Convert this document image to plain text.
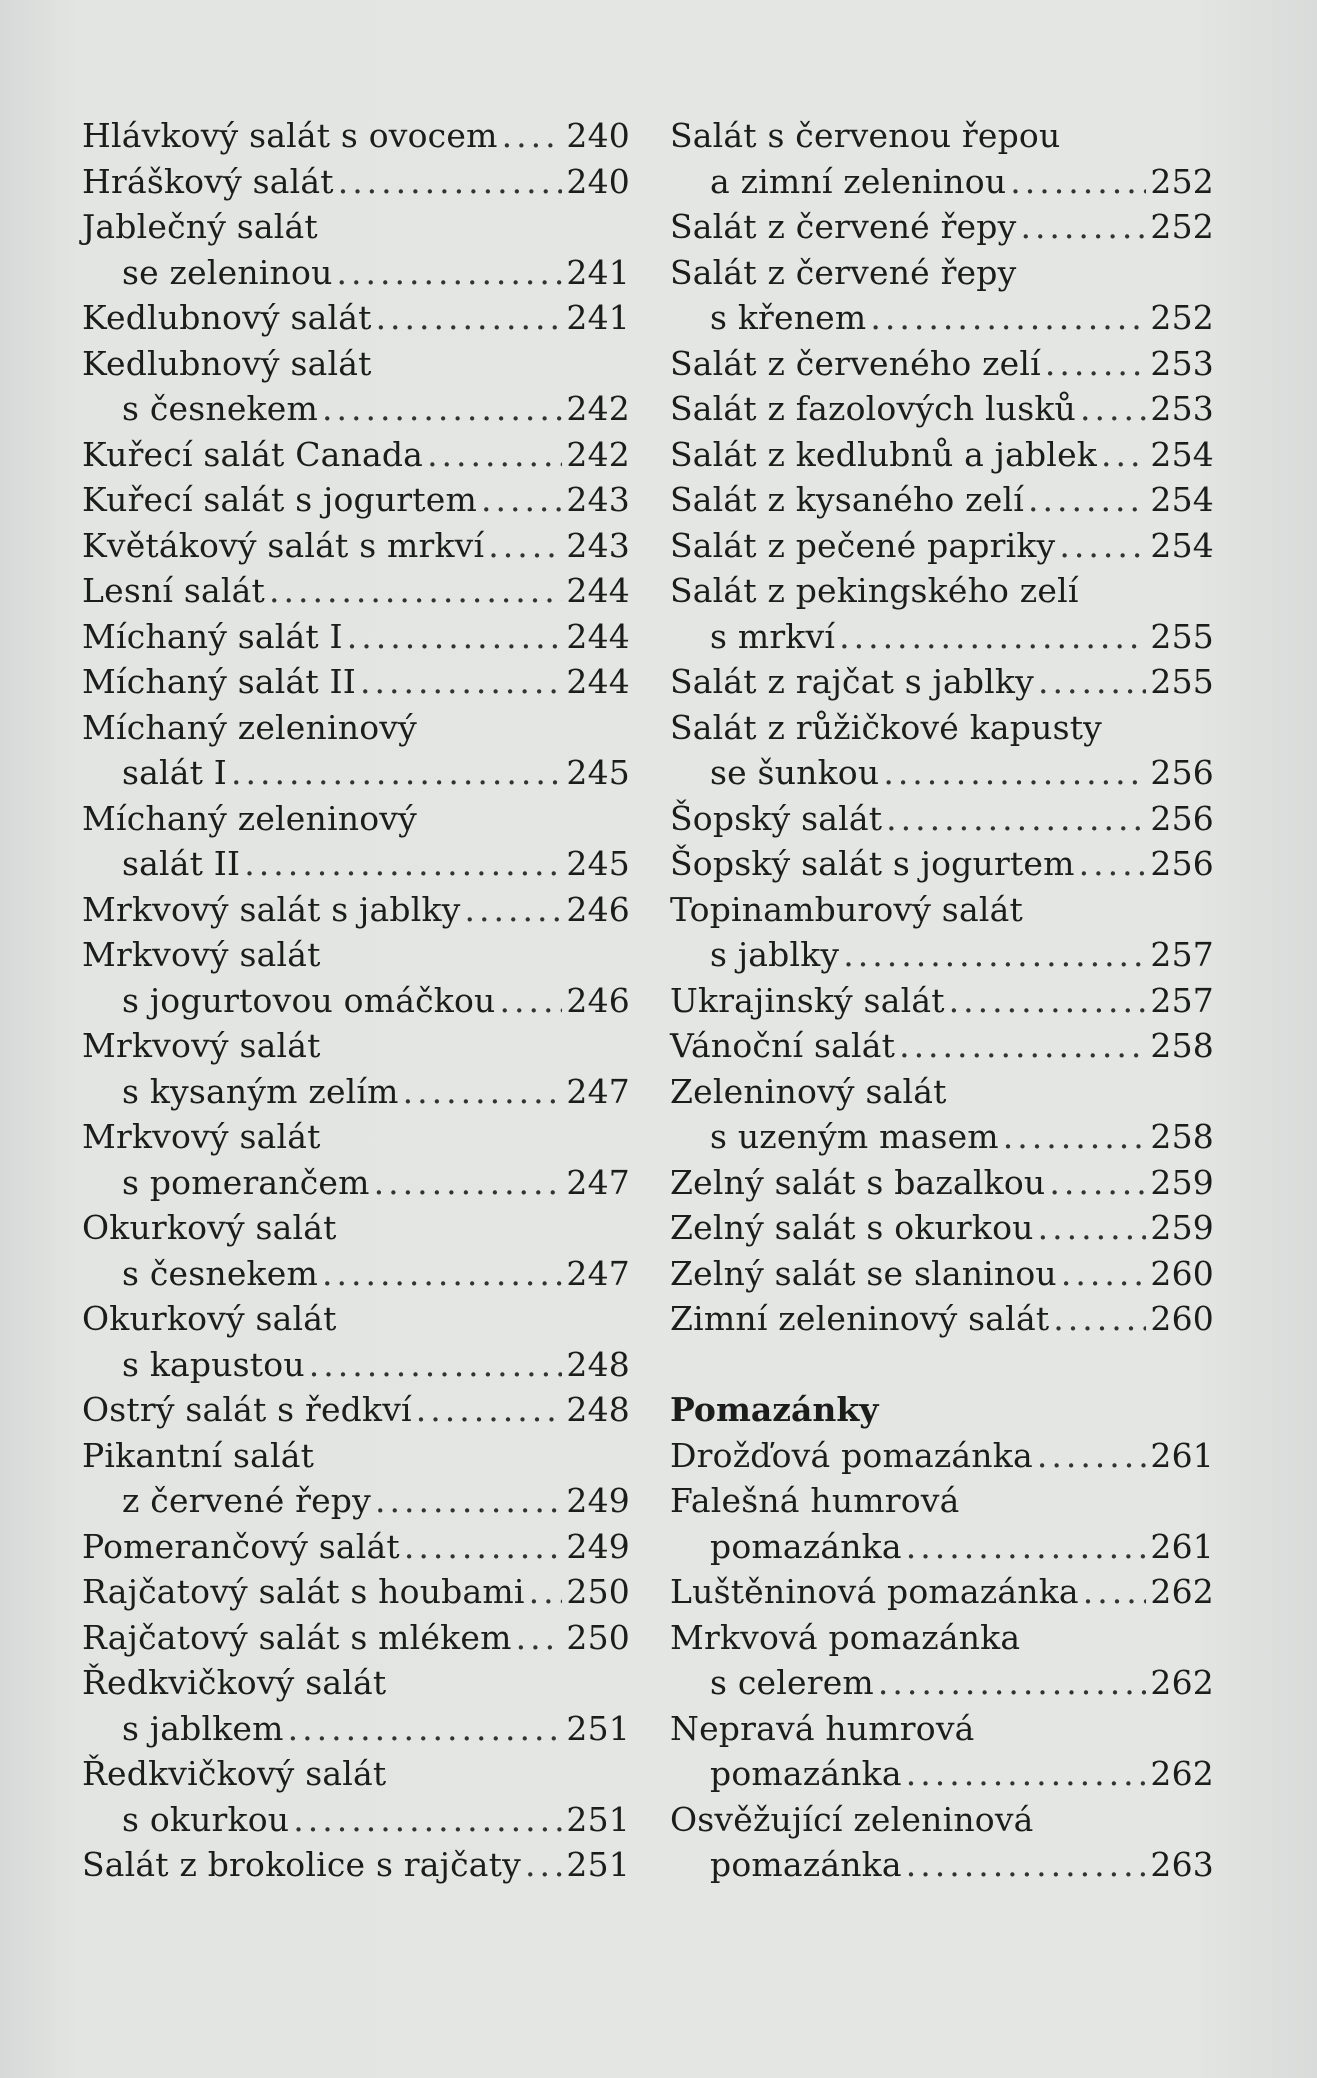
Hlávkový salát s ovocem ..... 240
Hráškový salát .....	240
Jablečný salát
se zeleninou .....	241
Kedlubnový salát .....	241
Kedlubnový salát
s česnekem .....	242
Kuřecí salát Canada .....	242
Kuřecí salát s jogurtem .....	243
Květákový salát s mrkví ..... 243
Lesní salát .....	244
Míchaný salát I .....	244
Míchaný salát II .....	244
Míchaný zeleninový
salát I .....	245
Míchaný zeleninový
salát II .....	245
Mrkvový salát s jablky .....	246
Mrkvový salát
s jogurtovou omáčkou ..... 246
Mrkvový salát
s kysaným zelím .....	247
Mrkvový salát
s pomerančem .....	247
Okurkový salát
s česnekem .....	247
Okurkový salát
s kapustou .....	248
Ostrý salát s ředkví .....	248
Pikantní salát
z červené řepy .....	249
Pomerančový salát .....	249
Rajčatový salát s houbami ..... 250
Rajčatový salát s mlékem ..... 250
Ředkvičkový salát
s jablkem .....	251
Ředkvičkový salát
s okurkou .....	251
Salát z brokolice s rajčaty ..... 251
Salát s červenou řepou
a zimní zeleninou .....	252
Salát z červené řepy .....	252
Salát z červené řepy
s křenem .....	252
Salát z červeného zelí .....	253
Salát z fazolových lusků ..... 253
Salát z kedlubnů a jablek ..... 254
Salát z kysaného zelí .....	254
Salát z pečené papriky .....	254
Salát z pekingského zelí
s mrkví .....	255
Salát z rajčat s jablky .....	255
Salát z růžičkové kapusty
se šunkou .....	256
Šopský salát .....	256
Šopský salát s jogurtem ..... 256
Topinamburový salát
s jablky .....	257
Ukrajinský salát .....	257
Vánoční salát .....	258
Zeleninový salát
s uzeným masem .....	258
Zelný salát s bazalkou .....	259
Zelný salát s okurkou .....	259
Zelný salát se slaninou .....	260
Zimní zeleninový salát .....	260
Pomazánky
Drožďová pomazánka .....	261
Falešná humrová
pomazánka .....	261
Luštěninová pomazánka ..... 262
Mrkvová pomazánka
s celerem .....	262
Nepravá humrová
pomazánka .....	262
Osvěžující zeleninová
pomazánka .....	263
